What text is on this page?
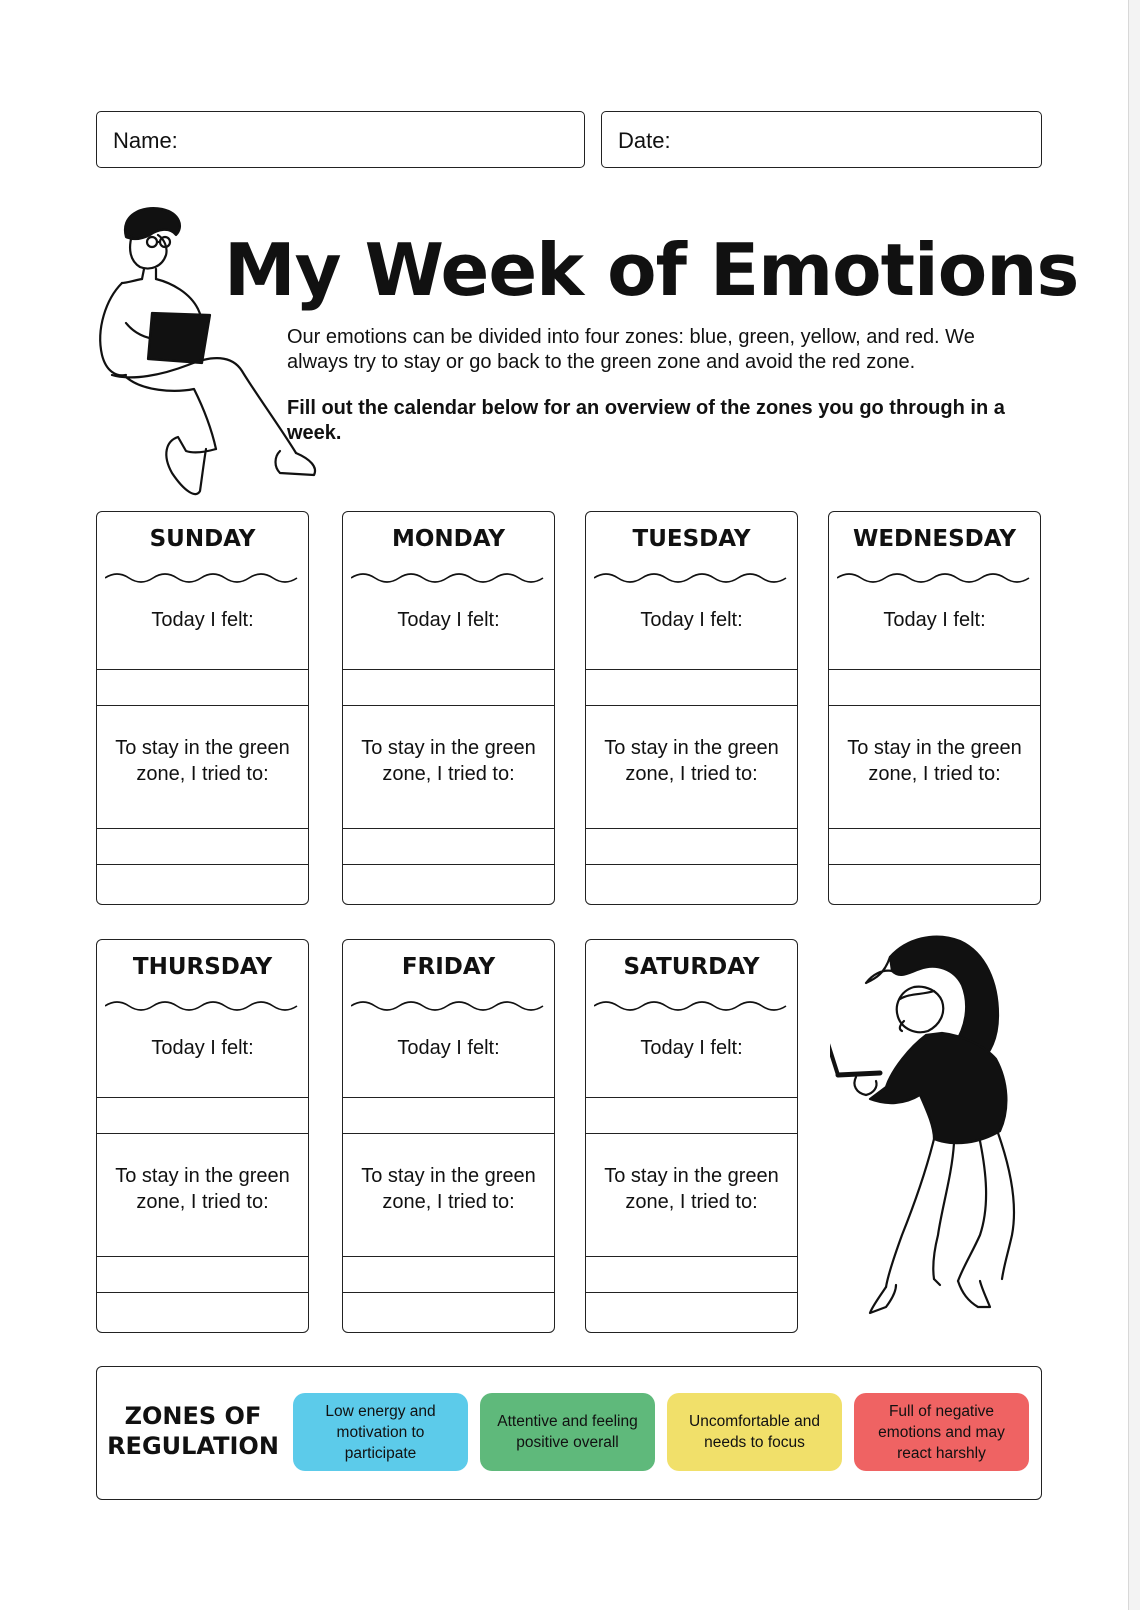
Name:	Date:
My Week of Emotions
Our emotions can be divided into four zones: blue, green, yellow, and red. We always try to stay or go back to the green zone and avoid the red zone.
Fill out the calendar below for an overview of the zones you go through in a week.
SUNDAY
Today I felt:
To stay in the green zone, I tried to:
MONDAY
Today I felt:
To stay in the green zone, I tried to:
TUESDAY
Today I felt:
To stay in the green zone, I tried to:
WEDNESDAY
Today I felt:
To stay in the green zone, I tried to:
THURSDAY
Today I felt:
To stay in the green zone, I tried to:
FRIDAY
Today I felt:
To stay in the green zone, I tried to:
SATURDAY
Today I felt:
To stay in the green zone, I tried to:
ZONES OF REGULATION
Low energy and motivation to participate
Attentive and feeling positive overall
Uncomfortable and needs to focus
Full of negative emotions and may react harshly
